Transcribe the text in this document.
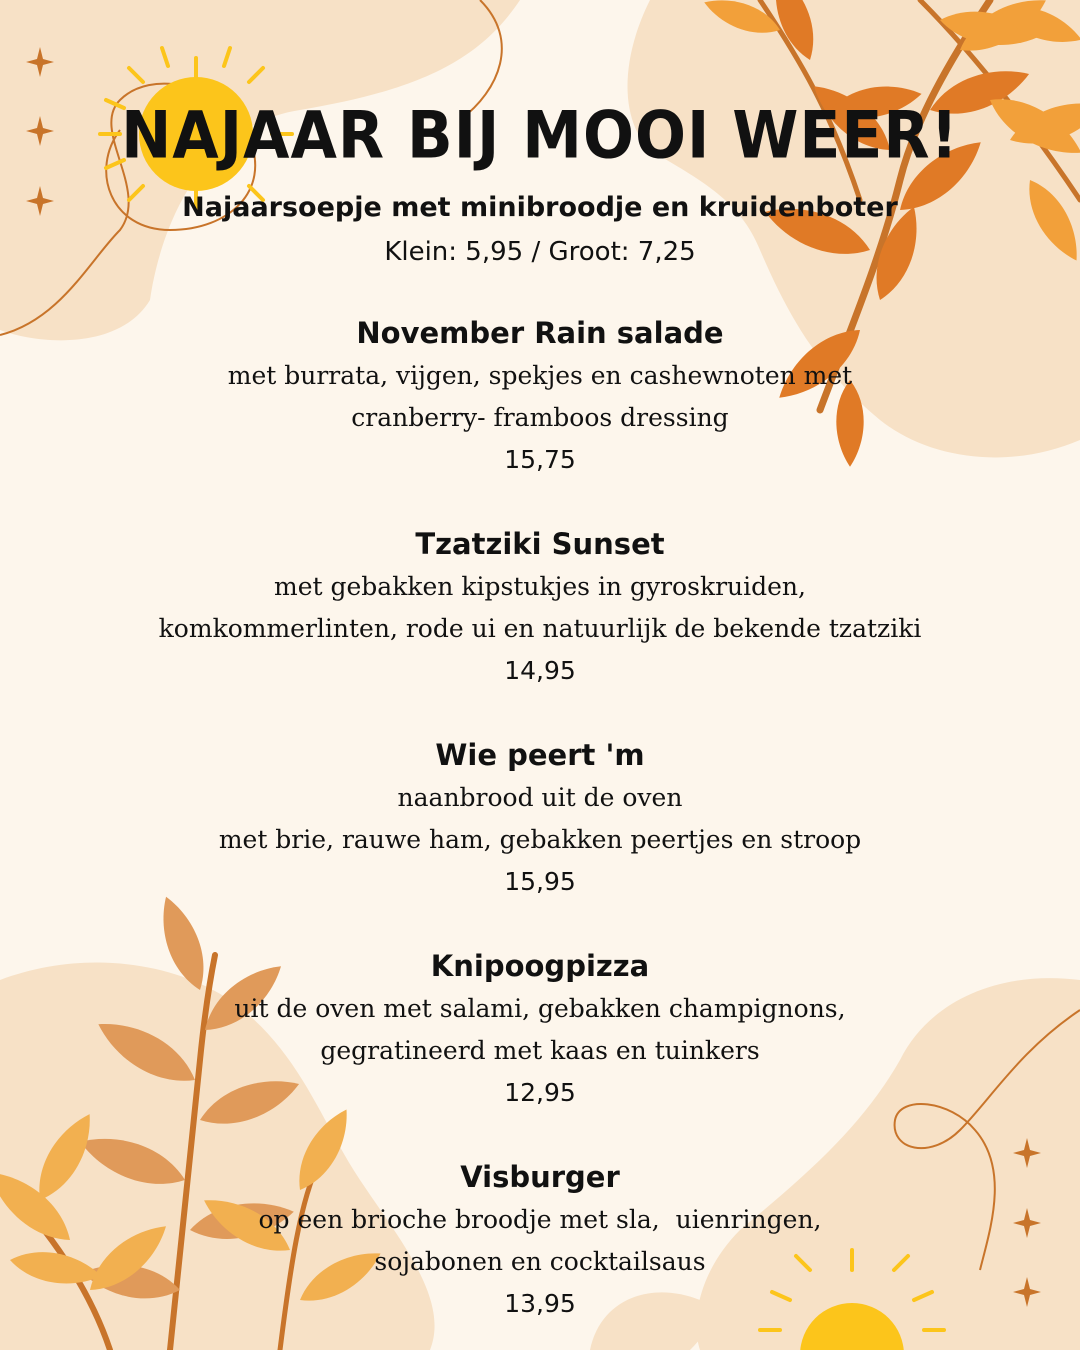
NAJAAR BIJ MOOI WEER!
Najaarsoepje met minibroodje en kruidenboter
Klein: 5,95 / Groot: 7,25
November Rain salade
met burrata, vijgen, spekjes en cashewnoten met
cranberry- framboos dressing
15,75
Tzatziki Sunset
met gebakken kipstukjes in gyroskruiden,
komkommerlinten, rode ui en natuurlijk de bekende tzatziki
14,95
Wie peert 'm
naanbrood uit de oven
met brie, rauwe ham, gebakken peertjes en stroop
15,95
Knipoogpizza
uit de oven met salami, gebakken champignons,
gegratineerd met kaas en tuinkers
12,95
Visburger
op een brioche broodje met sla,  uienringen,
sojabonen en cocktailsaus
13,95
